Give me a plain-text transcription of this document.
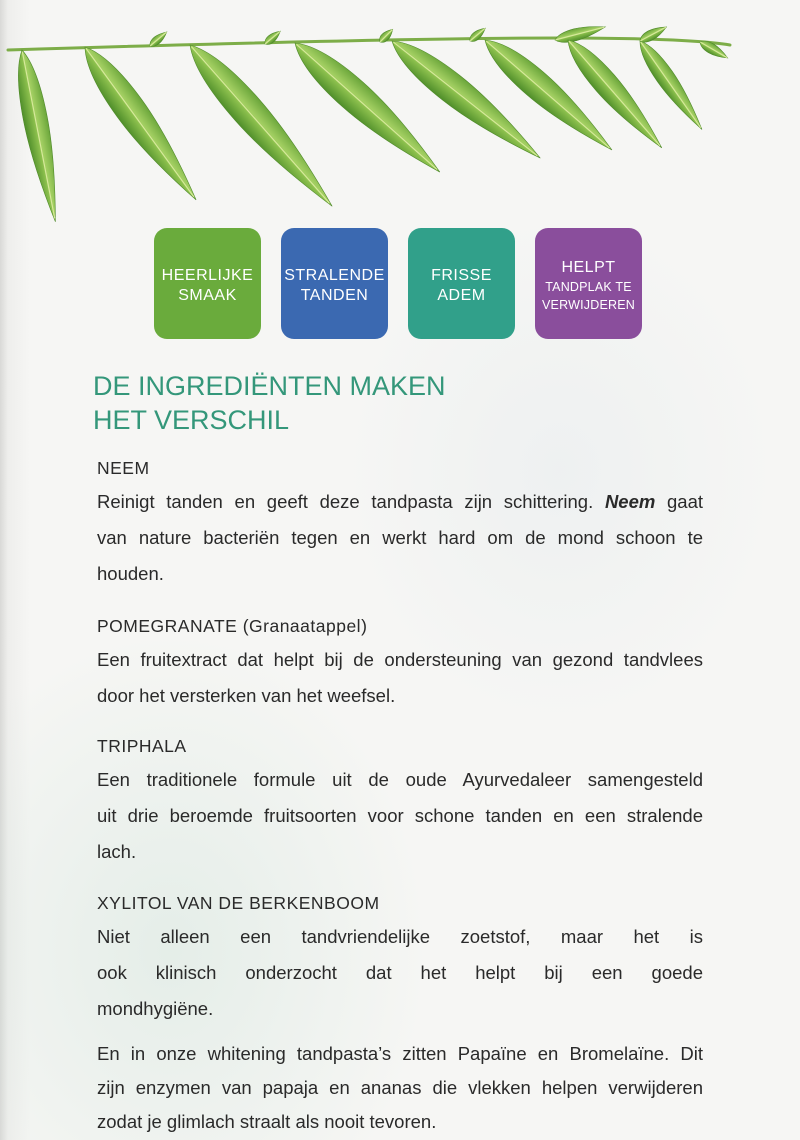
HEERLIJKE
SMAAK
STRALENDE
TANDEN
FRISSE
ADEM
HELPT
TANDPLAK TE
VERWIJDEREN
DE INGREDIËNTEN MAKEN
HET VERSCHIL
NEEM
Reinigt tanden en geeft deze tandpasta zijn schittering. Neem gaat
van nature bacteriën tegen en werkt hard om de mond schoon te
houden.
POMEGRANATE (Granaatappel)
Een fruitextract dat helpt bij de ondersteuning van gezond tandvlees
door het versterken van het weefsel.
TRIPHALA
Een traditionele formule uit de oude Ayurvedaleer samengesteld
uit drie beroemde fruitsoorten voor schone tanden en een stralende
lach.
XYLITOL VAN DE BERKENBOOM
Niet alleen een tandvriendelijke zoetstof, maar het is
ook klinisch onderzocht dat het helpt bij een goede
mondhygiëne.
En in onze whitening tandpasta’s zitten Papaïne en Bromelaïne. Dit
zijn enzymen van papaja en ananas die vlekken helpen verwijderen
zodat je glimlach straalt als nooit tevoren.
